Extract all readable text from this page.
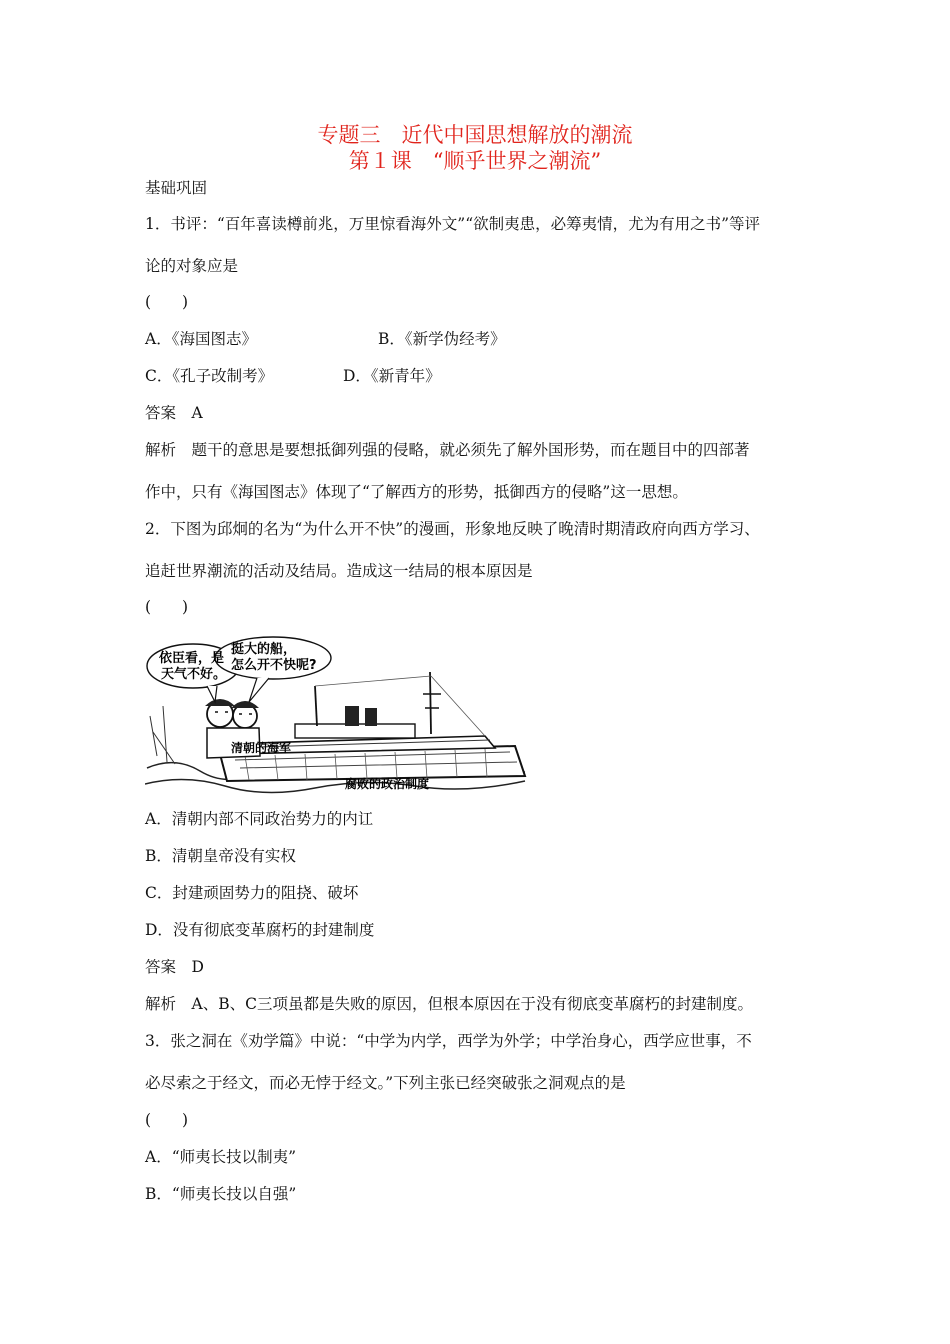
专题三　近代中国思想解放的潮流
第１课　“顺乎世界之潮流”
基础巩固
1．书评：“百年喜读樽前兆，万里惊看海外文”“欲制夷患，必筹夷情，尤为有用之书”等评
论的对象应是
(　　)
A．《海国图志》	B．《新学伪经考》
C．《孔子改制考》	D．《新青年》
答案　A
解析　题干的意思是要想抵御列强的侵略，就必须先了解外国形势，而在题目中的四部著
作中，只有《海国图志》体现了“了解西方的形势，抵御西方的侵略”这一思想。
2．下图为邱炯的名为“为什么开不快”的漫画，形象地反映了晚清时期清政府向西方学习、
追赶世界潮流的活动及结局。造成这一结局的根本原因是
(　　)
依臣看，是
天气不好。
挺大的船，
怎么开不快呢?
清朝的海军
腐败的政治制度
A．清朝内部不同政治势力的内讧
B．清朝皇帝没有实权
C．封建顽固势力的阻挠、破坏
D．没有彻底变革腐朽的封建制度
答案　D
解析　A、B、C三项虽都是失败的原因，但根本原因在于没有彻底变革腐朽的封建制度。
3．张之洞在《劝学篇》中说：“中学为内学，西学为外学；中学治身心，西学应世事，不
必尽索之于经文，而必无悖于经文。”下列主张已经突破张之洞观点的是
(　　)
A．“师夷长技以制夷”
B．“师夷长技以自强”
